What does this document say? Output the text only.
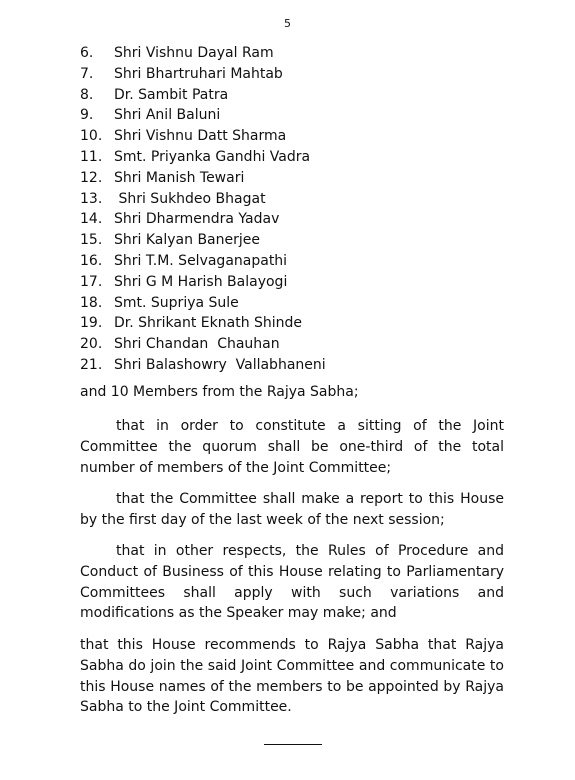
5
6.	Shri Vishnu Dayal Ram
7.	Shri Bhartruhari Mahtab
8.	Dr. Sambit Patra
9.	Shri Anil Baluni
10. Shri Vishnu Datt Sharma
11. Smt. Priyanka Gandhi Vadra
12. Shri Manish Tewari
13. Shri Sukhdeo Bhagat
14. Shri Dharmendra Yadav
15. Shri Kalyan Banerjee
16. Shri T.M. Selvaganapathi
17. Shri G M Harish Balayogi
18. Smt. Supriya Sule
19. Dr. Shrikant Eknath Shinde
20. Shri Chandan  Chauhan
21. Shri Balashowry  Vallabhaneni

and 10 Members from the Rajya Sabha;

that in order to constitute a sitting of the Joint Committee the quorum shall be one-third of the total number of members of the Joint Committee;

that the Committee shall make a report to this House by the first day of the last week of the next session;

that in other respects, the Rules of Procedure and Conduct of Business of this House relating to Parliamentary Committees shall apply with such variations and modifications as the Speaker may make; and

that this House recommends to Rajya Sabha that Rajya Sabha do join the said Joint Committee and communicate to this House names of the members to be appointed by Rajya Sabha to the Joint Committee.
